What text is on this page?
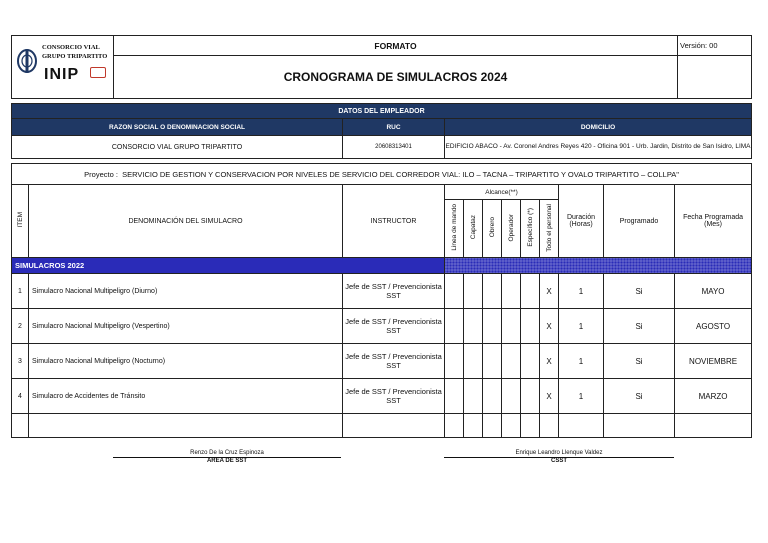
CONSORCIO VIAL
GRUPO TRIPARTITO
INIP	FORMATO	Versión: 00
	CRONOGRAMA DE SIMULACROS 2024	
DATOS DEL EMPLEADOR		
RAZON SOCIAL O DENOMINACION SOCIAL	RUC	DOMICILIO
CONSORCIO VIAL GRUPO TRIPARTITO	20608313401	EDIFICIO ABACO - Av. Coronel Andres Reyes 420 - Oficina 901 - Urb. Jardin, Distrito de San Isidro, LIMA
Proyecto : SERVICIO DE GESTION Y CONSERVACION POR NIVELES DE SERVICIO DEL CORREDOR VIAL: ILO – TACNA – TRIPARTITO Y OVALO TRIPARTITO – COLLPA"											
ITEM	DENOMINACIÓN DEL SIMULACRO	INSTRUCTOR	Alcance(**)						Duración (Horas)	Programado	Fecha Programada (Mes)
			Linea de mando	Capataz	Obrero	Operador	Específico (*)	Todo el personal			
SIMULACROS 2022											
1	Simulacro Nacional Multipeligro (Diurno)	Jefe de SST / Prevencionista SST						X	1	Si	MAYO
2	Simulacro Nacional Multipeligro (Vespertino)	Jefe de SST / Prevencionista SST						X	1	Si	AGOSTO
3	Simulacro Nacional Multipeligro (Nocturno)	Jefe de SST / Prevencionista SST						X	1	Si	NOVIEMBRE
4	Simulacro de Accidentes de Tránsito	Jefe de SST / Prevencionista SST						X	1	Si	MARZO

Renzo De la Cruz Espinoza
AREA DE SST
Enrique Leandro Llenque Valdez
CSST
